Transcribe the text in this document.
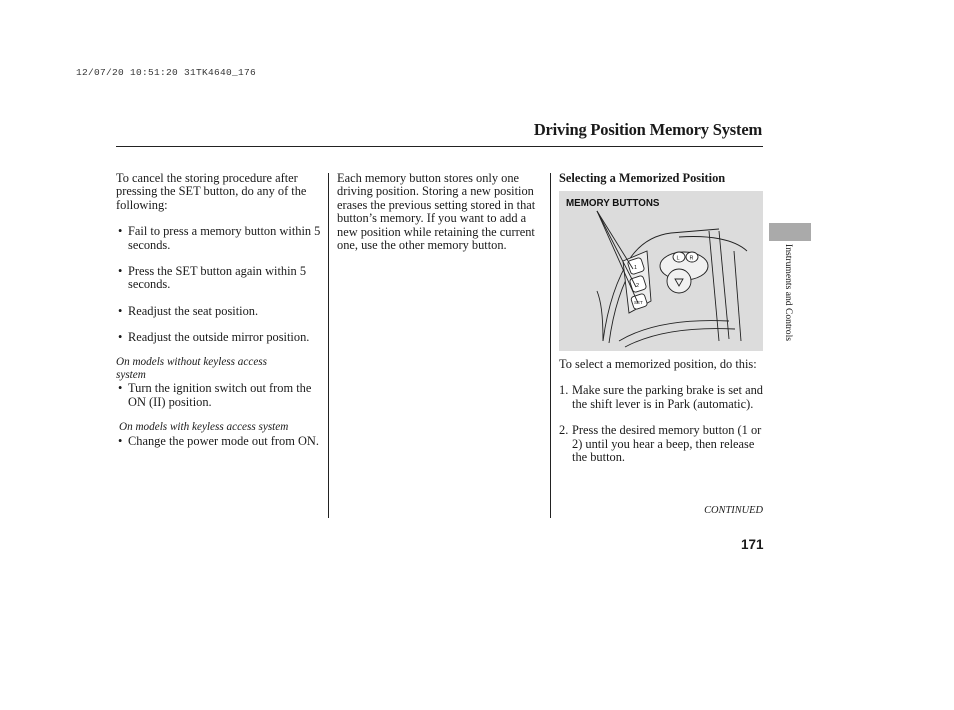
12/07/20 10:51:20 31TK4640_176
Driving Position Memory System

To cancel the storing procedure after pressing the SET button, do any of the following:

• Fail to press a memory button within 5 seconds.

• Press the SET button again within 5 seconds.

• Readjust the seat position.

• Readjust the outside mirror position.

On models without keyless access system

• Turn the ignition switch out from the ON (II) position.

On models with keyless access system

• Change the power mode out from ON.

Each memory button stores only one driving position. Storing a new position erases the previous setting stored in that button’s memory. If you want to add a new position while retaining the current one, use the other memory button.

Selecting a Memorized Position

MEMORY BUTTONS
1
2
SET
L R

To select a memorized position, do this:

1. Make sure the parking brake is set and the shift lever is in Park (automatic).

2. Press the desired memory button (1 or 2) until you hear a beep, then release the button.

CONTINUED
171
Instruments and Controls
